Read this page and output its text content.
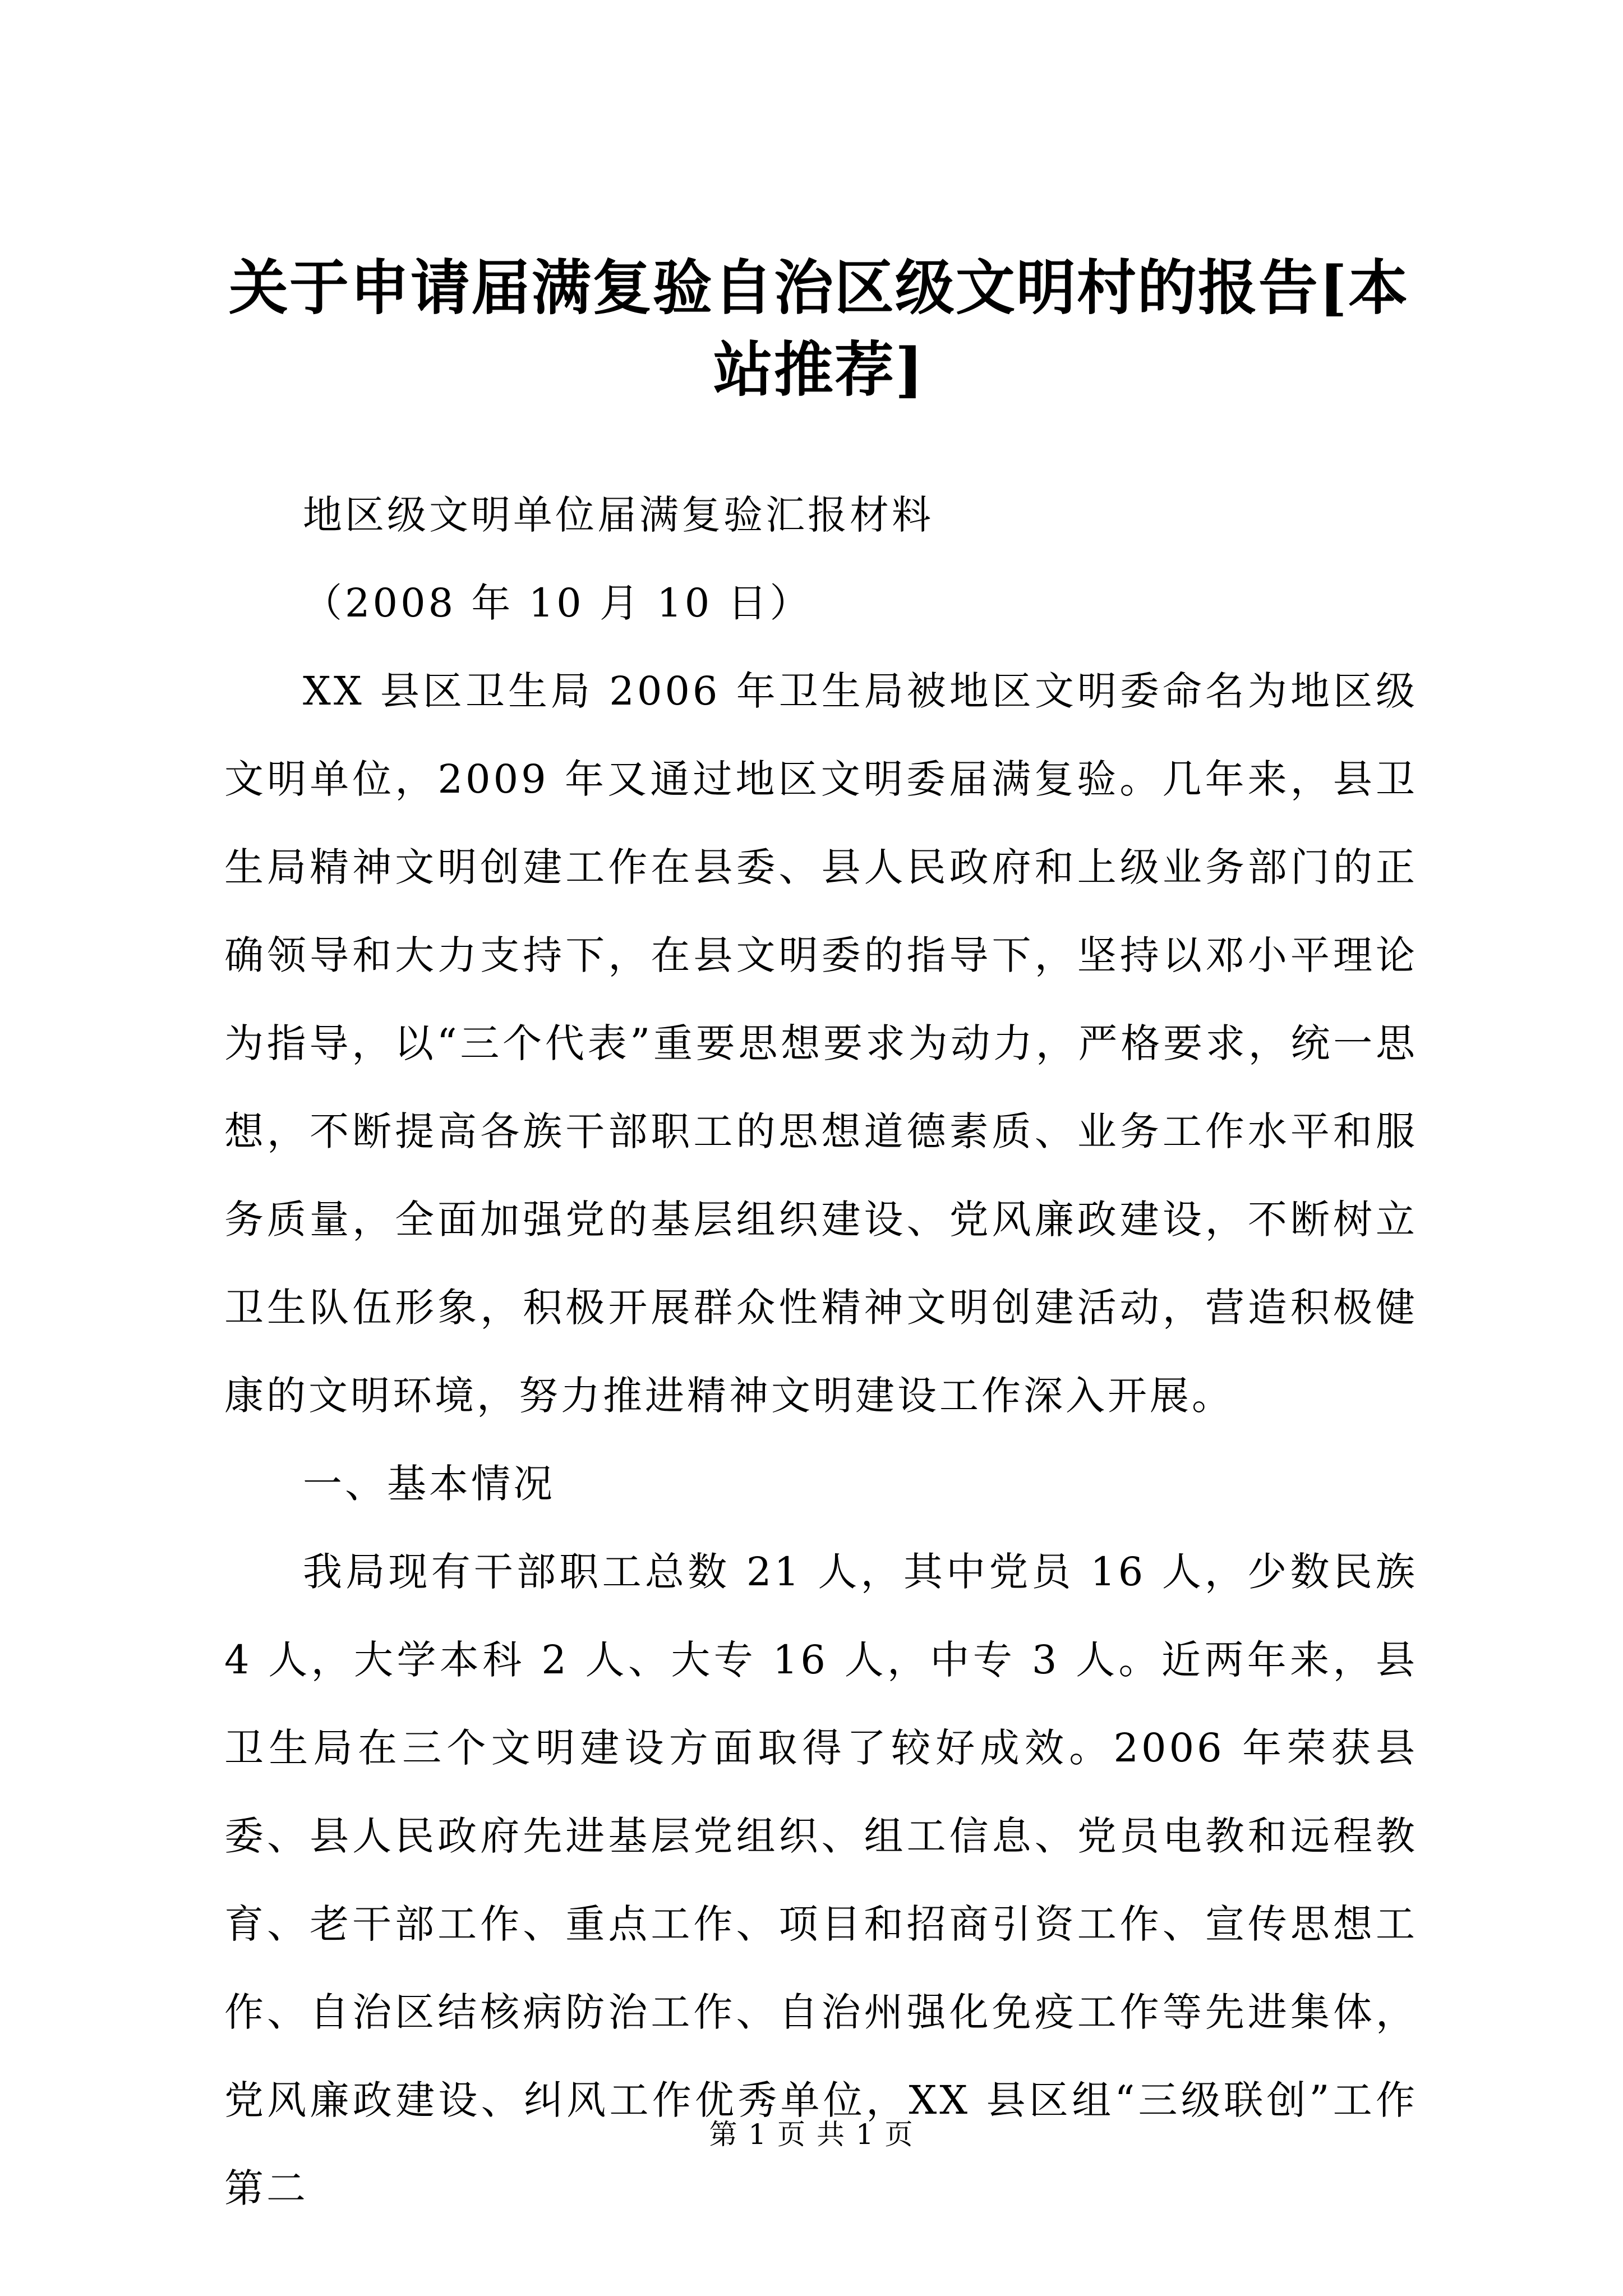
关于申请届满复验自治区级文明村的报告[本站推荐]

地区级文明单位届满复验汇报材料

（2008 年 10 月 10 日）

XX 县区卫生局 2006 年卫生局被地区文明委命名为地区级文明单位，2009 年又通过地区文明委届满复验。几年来，县卫生局精神文明创建工作在县委、县人民政府和上级业务部门的正确领导和大力支持下，在县文明委的指导下，坚持以邓小平理论为指导，以“三个代表”重要思想要求为动力，严格要求，统一思想，不断提高各族干部职工的思想道德素质、业务工作水平和服务质量，全面加强党的基层组织建设、党风廉政建设，不断树立卫生队伍形象，积极开展群众性精神文明创建活动，营造积极健康的文明环境，努力推进精神文明建设工作深入开展。

一、基本情况

我局现有干部职工总数 21 人，其中党员 16 人，少数民族 4 人，大学本科 2 人、大专 16 人，中专 3 人。近两年来，县卫生局在三个文明建设方面取得了较好成效。2006 年荣获县委、县人民政府先进基层党组织、组工信息、党员电教和远程教育、老干部工作、重点工作、项目和招商引资工作、宣传思想工作、自治区结核病防治工作、自治州强化免疫工作等先进集体，党风廉政建设、纠风工作优秀单位，XX 县区组“三级联创”工作第二

第 1 页 共 1 页
